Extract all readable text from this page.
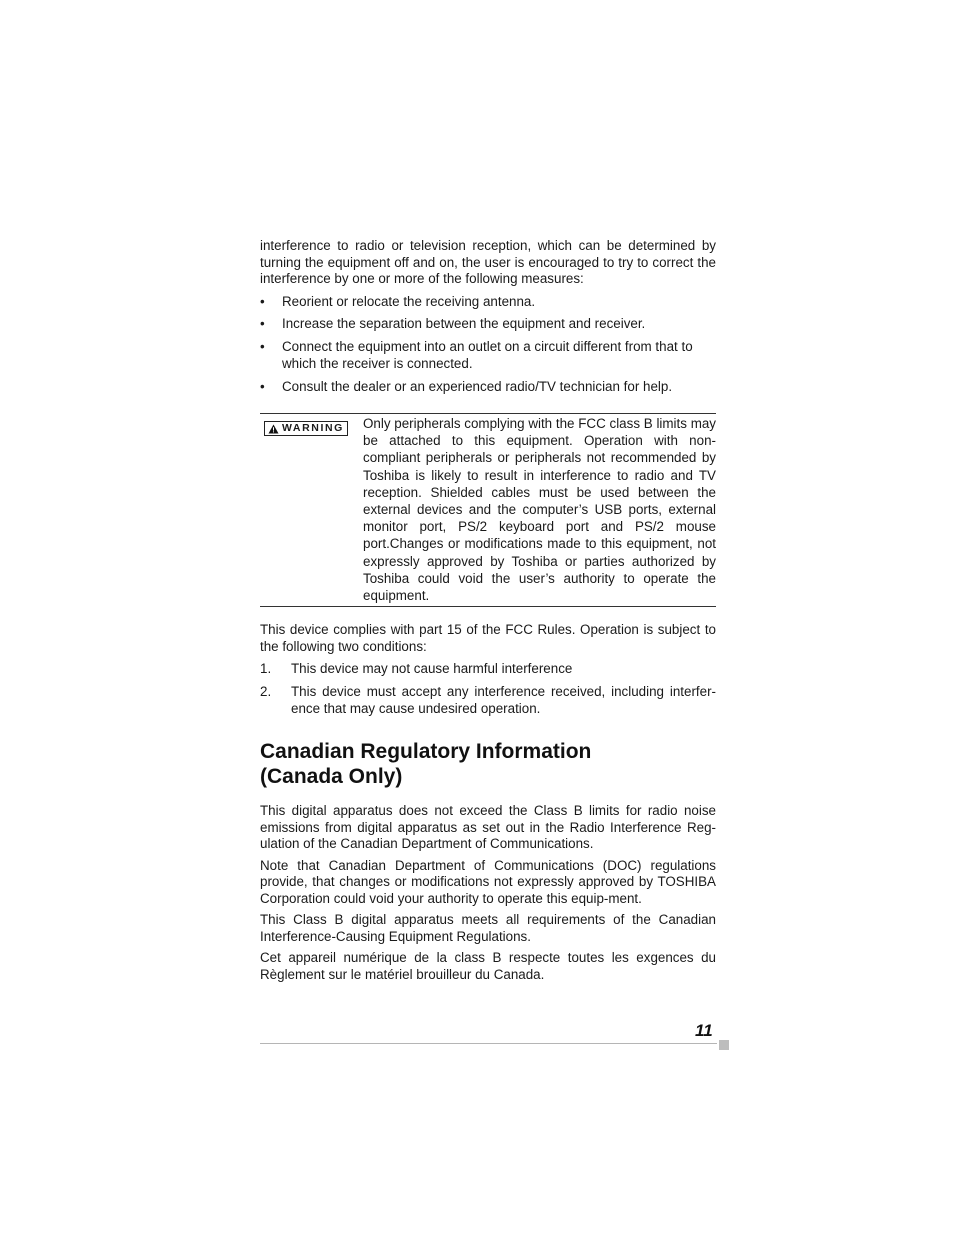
interference to radio or television reception, which can be determined by turning the equipment off and on, the user is encouraged to try to correct the interference by one or more of the following measures:

• Reorient or relocate the receiving antenna.
• Increase the separation between the equipment and receiver.
• Connect the equipment into an outlet on a circuit different from that to which the receiver is connected.
• Consult the dealer or an experienced radio/TV technician for help.
WARNING Only peripherals complying with the FCC class B limits may be attached to this equipment. Operation with non-compliant peripherals or peripherals not recommended by Toshiba is likely to result in interference to radio and TV reception. Shielded cables must be used between the external devices and the computer’s USB ports, external monitor port, PS/2 keyboard port and PS/2 mouse port.Changes or modifications made to this equipment, not expressly approved by Toshiba or parties authorized by Toshiba could void the user’s authority to operate the equipment.

This device complies with part 15 of the FCC Rules. Operation is subject to the following two conditions:

1. This device may not cause harmful interference
2. This device must accept any interference received, including interfer-ence that may cause undesired operation.
Canadian Regulatory Information
(Canada Only)

This digital apparatus does not exceed the Class B limits for radio noise emissions from digital apparatus as set out in the Radio Interference Reg-ulation of the Canadian Department of Communications.

Note that Canadian Department of Communications (DOC) regulations provide, that changes or modifications not expressly approved by TOSHIBA Corporation could void your authority to operate this equip-ment.

This Class B digital apparatus meets all requirements of the Canadian Interference-Causing Equipment Regulations.

Cet appareil numérique de la class B respecte toutes les exgences du Règlement sur le matériel brouilleur du Canada.

11
